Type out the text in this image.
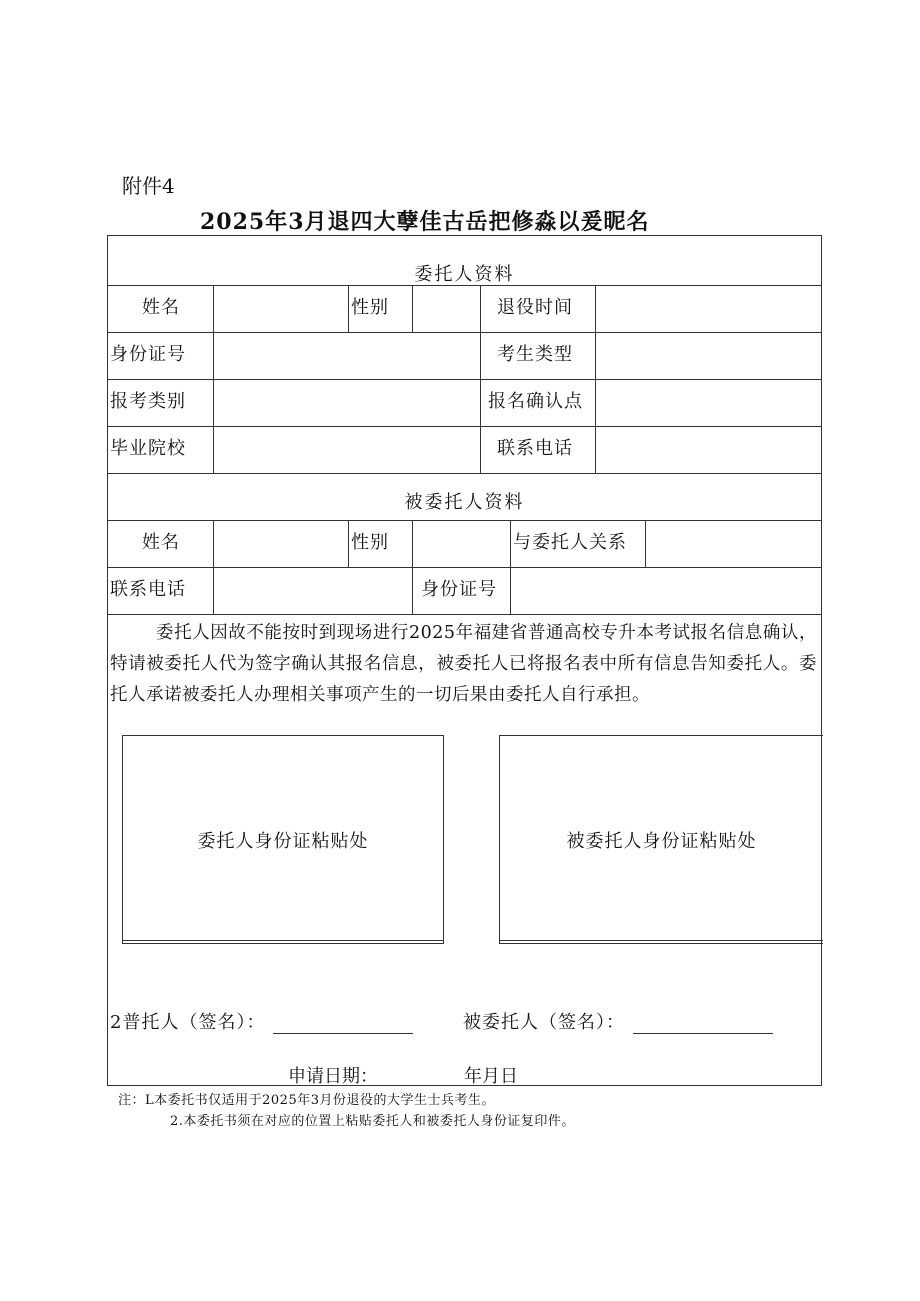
附件4
2025年3月退四大孽佳古岳把修淼以爰昵名
委托人资料
姓名	性别	退役时间
身份证号	考生类型
报考类别	报名确认点
毕业院校	联系电话
被委托人资料
姓名	性别	与委托人关系
联系电话	身份证号
委托人因故不能按时到现场进行2025年福建省普通高校专升本考试报名信息确认，特请被委托人代为签字确认其报名信息，被委托人已将报名表中所有信息告知委托人。委托人承诺被委托人办理相关事项产生的一切后果由委托人自行承担。
委托人身份证粘贴处	被委托人身份证粘贴处
2普托人（签名）：	被委托人（签名）：
申请日期：	年月日
注：L本委托书仅适用于2025年3月份退役的大学生士兵考生。
2.本委托书须在对应的位置上粘贴委托人和被委托人身份证复印件。
